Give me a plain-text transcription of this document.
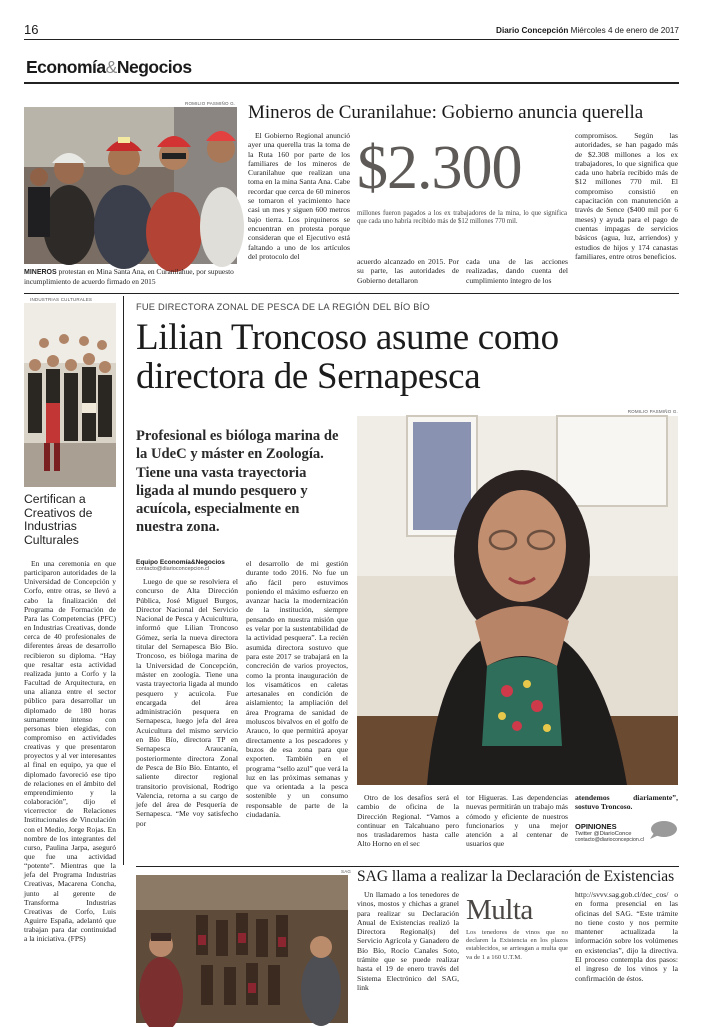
16	Diario Concepción Miércoles 4 de enero de 2017
Economía&Negocios
ROMILIO PASMIÑO G.
MINEROS protestan en Mina Santa Ana, en Curanilahue, por supuesto incumplimiento de acuerdo firmado en 2015
Mineros de Curanilahue: Gobierno anuncia querella

El Gobierno Regional anunció ayer una querella tras la toma de la Ruta 160 por parte de los familiares de los mineros de Curanilahue que realizan una toma en la mina Santa Ana. Cabe recordar que cerca de 60 mineros se tomaron el yacimiento hace casi un mes y siguen 600 metros bajo tierra. Los pirquineros se encuentran en protesta porque consideran que el Ejecutivo está faltando a uno de los artículos del protocolo del

$2.300
millones fueron pagados a los ex trabajadores de la mina, lo que significa que cada uno habría recibido más de $12 millones 770 mil.

acuerdo alcanzado en 2015. Por su parte, las autoridades de Gobierno detallaron

cada una de las acciones realizadas, dando cuenta del cumplimiento íntegro de los

compromisos. Según las autoridades, se han pagado más de $2.308 millones a los ex trabajadores, lo que significa que cada uno habría recibido más de $12 millones 770 mil. El compromiso consistió en capacitación con manutención a través de Sence ($400 mil por 6 meses) y ayuda para el pago de cuentas impagas de servicios básicos (agua, luz, arriendos) y estudios de hijos y 174 canastas familiares, entre otros beneficios.

INDUSTRIAS CULTURALES
Certifican a Creativos de Industrias Culturales

En una ceremonia en que participaron autoridades de la Universidad de Concepción y Corfo, entre otras, se llevó a cabo la finalización del Programa de Formación de Para las Competencias (PFC) en Industrias Creativas, donde cerca de 40 profesionales de diferentes áreas de desarrollo recibieron su diploma. “Hay que resaltar esta actividad realizada junto a Corfo y la Facultad de Arquitectura, en una alianza entre el sector público para desarrollar un diplomado de 180 horas sumamente intenso con personas bien elegidas, con compromiso en actividades creativas y que presentaron proyectos y al ver interesantes al final en equipo, ya que el diplomado favoreció ese tipo de relaciones en el ámbito del emprendimiento y la colaboración”, dijo el vicerrector de Relaciones Institucionales de Vinculación con el Medio, Jorge Rojas. En nombre de los integrantes del curso, Paulina Jarpa, aseguró que fue una actividad “potente”. Mientras que la jefa del Programa Industrias Creativas, Macarena Concha, junto al gerente de Transforma Industrias Creativas de Corfo, Luis Aguirre España, adelantó que trabajan para dar continuidad a la iniciativa. (FPS)

FUE DIRECTORA ZONAL DE PESCA DE LA REGIÓN DEL BÍO BÍO
Lilian Troncoso asume como
directora de Sernapesca
ROMILIO PASMIÑO G.
Profesional es bióloga marina de la UdeC y máster en Zoología. Tiene una vasta trayectoria ligada al mundo pesquero y acuícola, especialmente en nuestra zona.
Equipo Economía&Negocios
contacto@diarioconcepcion.cl

Luego de que se resolviera el concurso de Alta Dirección Pública, José Miguel Burgos, Director Nacional del Servicio Nacional de Pesca y Acuicultura, informó que Lilian Troncoso Gómez, sería la nueva directora titular del Sernapesca Bío Bío. Troncoso, es bióloga marina de la Universidad de Concepción, máster en zoología. Tiene una vasta trayectoria ligada al mundo pesquero y acuícola. Fue encargada del área administración pesquera en Sernapesca, luego jefa del área Acuicultura del mismo servicio en Bío Bío, directora TP en Sernapesca Araucanía, posteriormente directora Zonal de Pesca de Bío Bío. Entanto, el saliente director regional transitorio provisional, Rodrigo Valencia, retorna a su cargo de jefe del área de Pesquería de Sernapesca. “Me voy satisfecho por

el desarrollo de mi gestión durante todo 2016. No fue un año fácil pero estuvimos poniendo el máximo esfuerzo en avanzar hacia la modernización de la institución, siempre pensando en nuestra misión que es velar por la sustentabilidad de la actividad pesquera”. La recién asumida directora sostuvo que para este 2017 se trabajará en la concreción de varios proyectos, como la pronta inauguración de los visamáticos en caletas artesanales en condición de aislamiento; la ampliación del área Programa de sanidad de moluscos bivalvos en el golfo de Arauco, lo que permitirá apoyar directamente a los pescadores y buzos de esa zona para que exporten. También en el programa “sello azul” que verá la luz en las próximas semanas y que va orientada a la pesca sostenible y un consumo responsable de parte de la ciudadanía.

Otro de los desafíos será el cambio de oficina de la Dirección Regional. “Vamos a continuar en Talcahuano pero nos trasladaremos hasta calle Alto Horno en el sec

tor Higueras. Las dependencias nuevas permitirán un trabajo más cómodo y eficiente de nuestros funcionarios y una mejor atención a al centenar de usuarios que

atendemos diariamente”, sostuvo Troncoso.

OPINIONES
Twitter @DiarioConce
contacto@diarioconcepcion.cl
SAG SAG llama a realizar la Declaración de Existencias

Un llamado a los tenedores de vinos, mostos y chichas a granel para realizar su Declaración Anual de Existencias realizó la Directora Regional(s) del Servicio Agrícola y Ganadero de Bío Bío, Rocío Canales Soto, trámite que se puede realizar hasta el 19 de enero través del Sistema Electrónico del SAG, link

Multa
Los tenedores de vinos que no declaren la Existencia en los plazos establecidos, se arriesgan a multa que va de 1 a 160 U.T.M.

http://svvv.sag.gob.cl/dec_cos/ o en forma presencial en las oficinas del SAG. “Este trámite no tiene costo y nos permite mantener actualizada la información sobre los volúmenes en existencias”, dijo la directiva. El proceso contempla dos pasos: el ingreso de los vinos y la confirmación de éstos.
